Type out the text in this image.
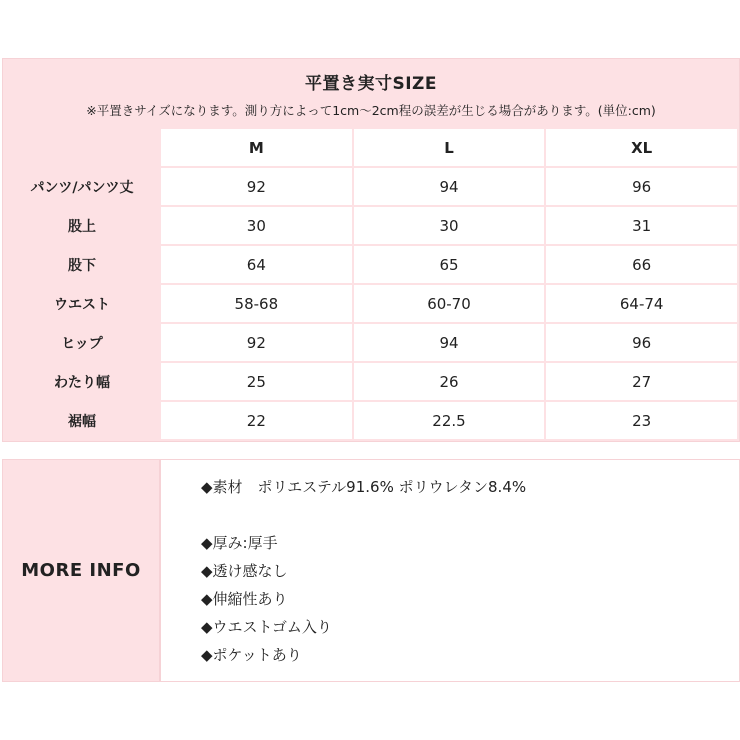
平置き実寸SIZE
※平置きサイズになります。測り方によって1cm〜2cm程の誤差が生じる場合があります。(単位:cm)
	M	L	XL
パンツ/パンツ丈	92	94	96
股上	30	30	31
股下	64	65	66
ウエスト	58-68	60-70	64-74
ヒップ	92	94	96
わたり幅	25	26	27
裾幅	22	22.5	23
MORE INFO
◆素材　ポリエステル91.6% ポリウレタン8.4%
◆厚み:厚手
◆透け感なし
◆伸縮性あり
◆ウエストゴム入り
◆ポケットあり
